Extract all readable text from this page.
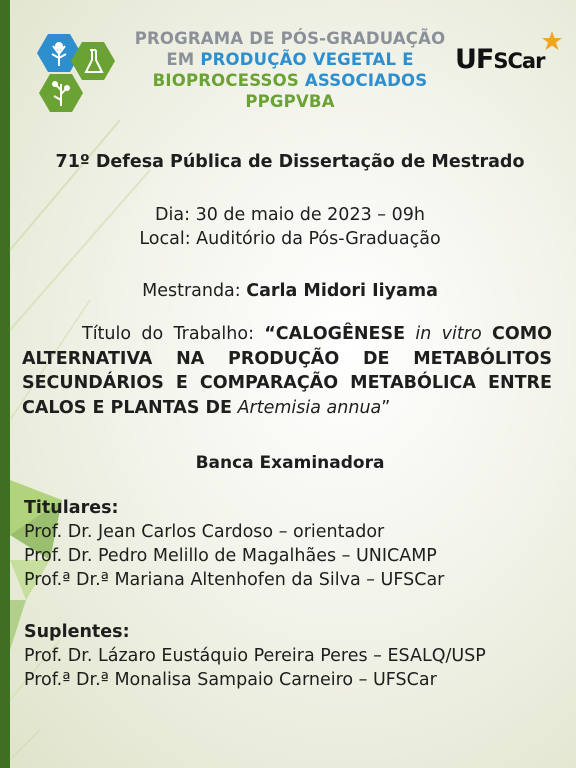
PROGRAMA DE PÓS-GRADUAÇÃO
EM PRODUÇÃO VEGETAL E
BIOPROCESSOS ASSOCIADOS
PPGPVBA
UFSCar
71º Defesa Pública de Dissertação de Mestrado
Dia: 30 de maio de 2023 – 09h
Local: Auditório da Pós-Graduação
Mestranda: Carla Midori Iiyama
Título do Trabalho: “CALOGÊNESE in vitro COMO ALTERNATIVA NA PRODUÇÃO DE METABÓLITOS SECUNDÁRIOS E COMPARAÇÃO METABÓLICA ENTRE CALOS E PLANTAS DE Artemisia annua”
Banca Examinadora
Titulares:
Prof. Dr. Jean Carlos Cardoso – orientador
Prof. Dr. Pedro Melillo de Magalhães – UNICAMP
Prof.ª Dr.ª Mariana Altenhofen da Silva – UFSCar
Suplentes:
Prof. Dr. Lázaro Eustáquio Pereira Peres – ESALQ/USP
Prof.ª Dr.ª Monalisa Sampaio Carneiro – UFSCar
